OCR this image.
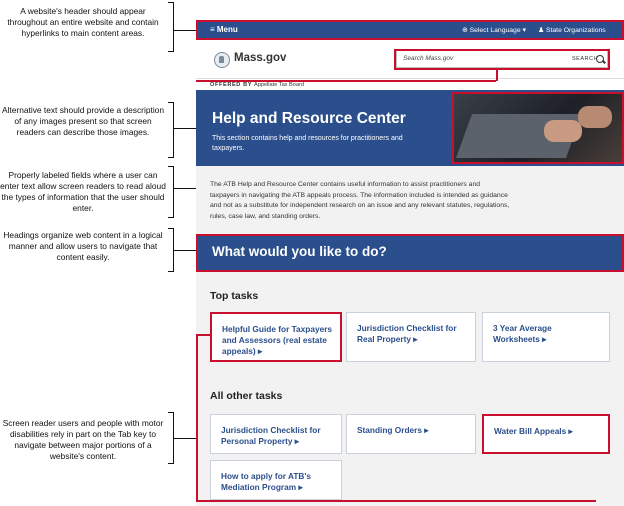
A website's header should appear throughout an entire website and contain hyperlinks to main content areas.
Alternative text should provide a description of any images present so that screen readers can describe those images.
Properly labeled fields where a user can enter text allow screen readers to read aloud the types of information that the user should enter.
Headings organize web content in a logical manner and allow users to navigate that content easily.
Screen reader users and people with motor disabilities rely in part on the Tab key to navigate between major portions of a website's content.
≡ Menu	⊕ Select Language ▾ ♟ State Organizations
Mass.gov	Search Mass.gov	SEARCH
OFFERED BY Appellate Tax Board
Help and Resource Center
This section contains help and resources for practitioners and taxpayers.
The ATB Help and Resource Center contains useful information to assist practitioners and taxpayers in navigating the ATB appeals process. The information included is intended as guidance and not as a substitute for independent research on an issue and any relevant statutes, regulations, rules, case law, and standing orders.
What would you like to do?
Top tasks
Helpful Guide for Taxpayers and Assessors (real estate appeals) ▸
Jurisdiction Checklist for Real Property ▸
3 Year Average Worksheets ▸
All other tasks
Jurisdiction Checklist for Personal Property ▸
Standing Orders ▸	Water Bill Appeals ▸
How to apply for ATB's Mediation Program ▸
